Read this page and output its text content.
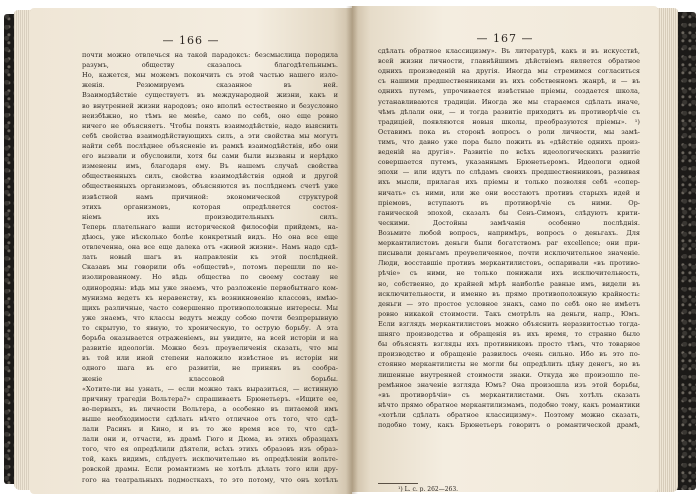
— 166 —
почти можно отвлечься на такой парадоксъ: безсмыслица породила
разумъ, обществу сказалось благодѣтельнымъ.
Но, кажется, мы можемъ покончить съ этой частью нашего изло-
женія. Резюмируемъ сказанное въ ней.
Взаимодѣйствіе существуетъ въ международной жизни, какъ и
во внутренней жизни народовъ; оно вполнѣ естественно и безусловно
неизбѣжно, но тѣмъ не менѣе, само по себѣ, оно еще ровно
ничего не объясняетъ. Чтобы понять взаимодѣйствіе, надо выяснить
себѣ свойства взаимодѣйствующихъ силъ, а эти свойства мы могутъ
найти себѣ послѣднее объясненіе въ рамкѣ взаимодѣйствія, ибо они
его вызвали и обусловили, хотя бы сами были вызваны и нерѣдко
изменены имъ, благодаря ему. Въ нашемъ случаѣ свойства
общественныхъ силъ, свойства взаимодѣйствія одной и другой
общественныхъ организмовъ, объясняются въ послѣднемъ счетѣ уже
извѣстной намъ причиной: экономической структурой
этихъ организмовъ, которая опредѣляется состоя-
ніемъ ихъ производительныхъ силъ.
Теперь плательнаго ваши исторической философіи прийдемъ, на-
дѣюсь, уже нѣсколько болѣе конкретный видъ. Но она все еще
отвлеченна, она все еще далека отъ «живой жизни». Намъ надо сдѣ-
лать новый шагъ въ направленіи къ этой послѣдней.
Сказавъ мы говорили объ «обществѣ», потомъ перешли по не-
изолированному. Но вѣдь общества по своему составу не
одинородны: вѣдь мы уже знаемъ, что разложеніе первобытнаго ком-
мунизма ведетъ къ неравенству, къ возникновенію классовъ, имѣю-
щихъ различные, часто совершенно противоположные интересы. Мы
уже знаемъ, что классы ведутъ между собою почти безпрерывную
то скрытую, то явную, то хроническую, то острую борьбу. А эта
борьба оказывается отраженіемъ, вы увидите, на всей исторіи и на
развитіе идеологіи. Можно безъ преувеличенія сказать, что мы
въ той или иной степени наложило извѣстное въ исторіи ни
одного шага въ его развитіи, не принявъ въ сообра-
женіе классовой борьбы.
«Хотите-ли вы узнать, — если можно такъ выразиться, — истинную
причину трагедіи Вольтера?» спрашиваетъ Брюнетьеръ. «Ищите ее,
во-первыхъ, въ личности Вольтера, а особенно въ питаемой имъ
выше необходимости сдѣлать нѣчто отличное отъ того, что сдѣ-
лали Расинъ и Кино, и въ то же время все то, что сдѣ-
лали они и, отчасти, въ драмѣ Гюго и Дюма, въ этихъ образцахъ
того, что ея опредѣлили дѣятели, всѣхъ этихъ образовъ изъ образ-
той, какъ видимъ, слѣдуетъ исключительно въ опредѣленіи вольте-
ровской драмы. Если романтизмъ не хотѣлъ дѣлать того или дру-
гого на театральныхъ подмосткахъ, то это потому, что онъ хотѣлъ
— 167 —
сдѣлать обратное классицизму». Въ литературѣ, какъ и въ искусствѣ,
всей жизни личности, главнѣйшимъ дѣйствіемъ является обратное
однихъ произведеній на другія. Иногда мы стремимся согласиться
съ нашими предшественниками въ ихъ собственномъ жанрѣ, и — въ
однихъ путемъ, упрочивается извѣстные пріемы, создается школа,
устанавливаются традиціи. Иногда же мы стараемся сдѣлать иначе,
чѣмъ дѣлали они, — и тогда развитіе приходитъ въ противорѣчіе съ
традиціей, появляются новыя школы, преобразуются пріемы». ¹)
Оставимъ пока въ сторонѣ вопросъ о роли личности, мы замѣ-
тимъ, что давно уже пора было пожить въ «дѣйствіе однихъ произ-
веденій на другія». Развитіе по всѣхъ идеологическихъ развитіе
совершается путемъ, указаннымъ Брюнетьеромъ. Идеологи одной
эпохи — или идутъ по слѣдамъ своихъ предшественниковъ, развивая
ихъ мысли, прилагая ихъ пріемы и только позволяя себѣ «сопер-
ничать» съ ними, или же они восстаютъ противъ старыхъ идей и
пріемовъ, вступаютъ въ противорѣчіе съ ними. Ор-
ганической эпохой, сказалъ бы Сенъ-Симонъ, слѣдуютъ крити-
ческими. Достойны замѣчанія особенно послѣднія.
Возьмите любой вопросъ, напримѣръ, вопросъ о деньгахъ. Для
меркантилистовъ деньги были богатствомъ par excellence; они при-
писывали деньгамъ преувеличенное, почти исключительное значеніе.
Люди, восставшіе противъ меркантилистовъ, оспаривали «въ противо-
рѣчіе» съ ними, не только понижали ихъ исключительность,
но, собственно, до крайней мѣрѣ наиболѣе равные имъ, видели въ
исключительности, и именно въ прямо противоположную крайность:
деньги — это простое условное знакъ, само по себѣ оно не имѣетъ
ровно никакой стоимости. Такъ смотрѣлъ на деньги, напр., Юмъ.
Если взглядъ меркантилистовъ можно объяснить неразвитостью тогда-
шняго производства и обращенія въ ихъ время, то странно было
бы объяснять взгляды ихъ противниковъ просто тѣмъ, что товарное
производство и обращеніе развилось очень сильно. Ибо въ это по-
стоянно меркантилисты не могли бы опредѣлить цѣну денегъ, но въ
лишенные внутренней стоимости знаки. Откуда же произошло пе-
ремѣнное значеніе взгляда Юмъ? Она произошла изъ этой борьбы,
«въ противорѣчіи» съ меркантилистами. Онъ хотѣлъ сказать
нѣчто прямо обратное меркантилизмамъ, подобно тому, какъ романтики
«хотѣли сдѣлать обратное классицизму». Поэтому можно сказать,
подобно тому, какъ Брюнетьеръ говоритъ о романтической драмѣ,
¹) L. с. р. 262—263.
